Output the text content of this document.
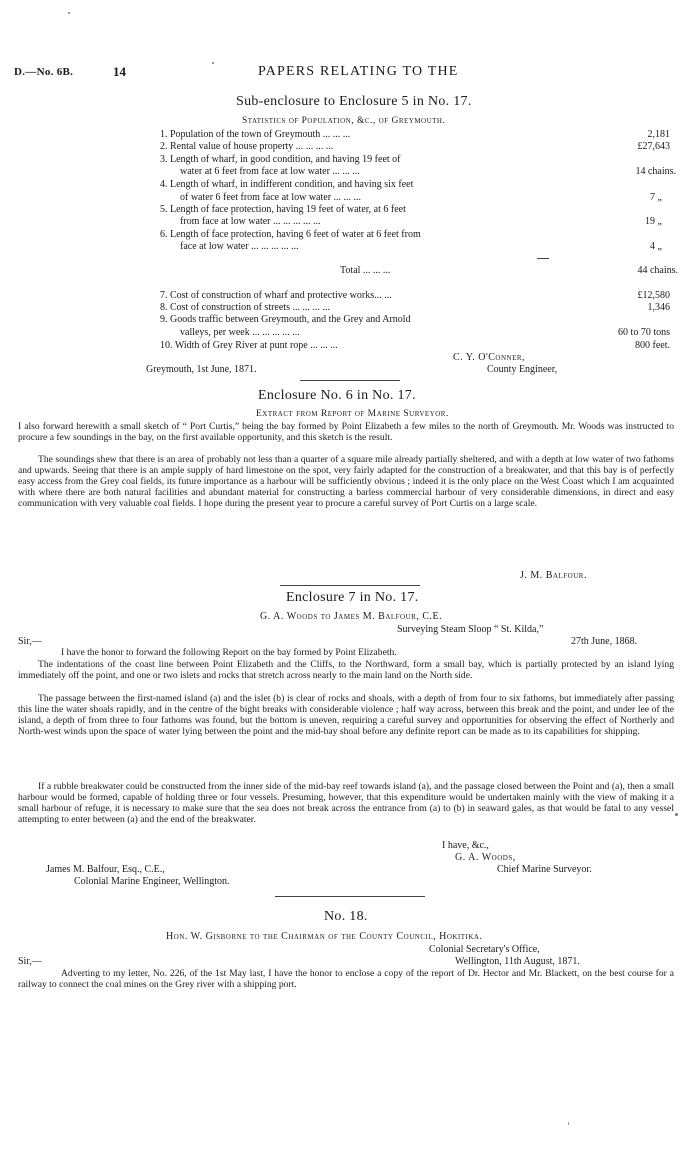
D.—No. 6B.	14	PAPERS RELATING TO THE
Sub-enclosure to Enclosure 5 in No. 17.
Statistics of Population, &c., of Greymouth.
1. Population of the town of Greymouth ... ... ...	2,181
2. Rental value of house property ... ... ... ...	£27,643
3. Length of wharf, in good condition, and having 19 feet of
water at 6 feet from face at low water ... ... ...	14 chains.
4. Length of wharf, in indifferent condition, and having six feet
of water 6 feet from face at low water ... ... ...	7 „
5. Length of face protection, having 19 feet of water, at 6 feet
from face at low water ... ... ... ... ...	19 „
6. Length of face protection, having 6 feet of water at 6 feet from
face at low water ... ... ... ... ...	4 „
Total ... ... ...	44 chains.
7. Cost of construction of wharf and protective works... ...	£12,580
8. Cost of construction of streets ... ... ... ...	1,346
9. Goods traffic between Greymouth, and the Grey and Arnold
valleys, per week ... ... ... ... ...	60 to 70 tons
10. Width of Grey River at punt rope ... ... ...	800 feet.
C. Y. O'Conner,
Greymouth, 1st June, 1871.	County Engineer,
Enclosure No. 6 in No. 17.
Extract from Report of Marine Surveyor.
I also forward herewith a small sketch of “ Port Curtis,” being the bay formed by Point Elizabeth a few miles to the north of Greymouth. Mr. Woods was instructed to procure a few soundings in the bay, on the first available opportunity, and this sketch is the result.
The soundings shew that there is an area of probably not less than a quarter of a square mile already partially sheltered, and with a depth at low water of two fathoms and upwards. Seeing that there is an ample supply of hard limestone on the spot, very fairly adapted for the construction of a breakwater, and that this bay is of perfectly easy access from the Grey coal fields, its future importance as a harbour will be sufficiently obvious ; indeed it is the only place on the West Coast which I am acquainted with where there are both natural facilities and abundant material for constructing a barless commercial harbour of very considerable dimensions, in direct and easy communication with very valuable coal fields. I hope during the present year to procure a careful survey of Port Curtis on a large scale.
J. M. Balfour.
Enclosure 7 in No. 17.
G. A. Woods to James M. Balfour, C.E.
Surveying Steam Sloop “ St. Kilda,”
Sir,—	27th June, 1868.
I have the honor to forward the following Report on the bay formed by Point Elizabeth.
The indentations of the coast line between Point Elizabeth and the Cliffs, to the Northward, form a small bay, which is partially protected by an island lying immediately off the point, and one or two islets and rocks that stretch across nearly to the main land on the North side.
The passage between the first-named island (a) and the islet (b) is clear of rocks and shoals, with a depth of from four to six fathoms, but immediately after passing this line the water shoals rapidly, and in the centre of the bight breaks with considerable violence ; half way across, between this break and the point, and under lee of the island, a depth of from three to four fathoms was found, but the bottom is uneven, requiring a careful survey and opportunities for observing the effect of Northerly and North-west winds upon the space of water lying between the point and the mid-bay shoal before any definite report can be made as to its capabilities for shipping.
If a rubble breakwater could be constructed from the inner side of the mid-bay reef towards island (a), and the passage closed between the Point and (a), then a small harbour would be formed, capable of holding three or four vessels. Presuming, however, that this expenditure would be undertaken mainly with the view of making it a small harbour of refuge, it is necessary to make sure that the sea does not break across the entrance from (a) to (b) in seaward gales, as that would be fatal to any vessel attempting to enter between (a) and the end of the breakwater.
I have, &c.,
G. A. Woods,
James M. Balfour, Esq., C.E.,	Chief Marine Surveyor.
Colonial Marine Engineer, Wellington.
No. 18.
Hon. W. Gisborne to the Chairman of the County Council, Hokitika.
Colonial Secretary's Office,
Sir,—	Wellington, 11th August, 1871.
Adverting to my letter, No. 226, of the 1st May last, I have the honor to enclose a copy of the report of Dr. Hector and Mr. Blackett, on the best course for a railway to connect the coal mines on the Grey river with a shipping port.
